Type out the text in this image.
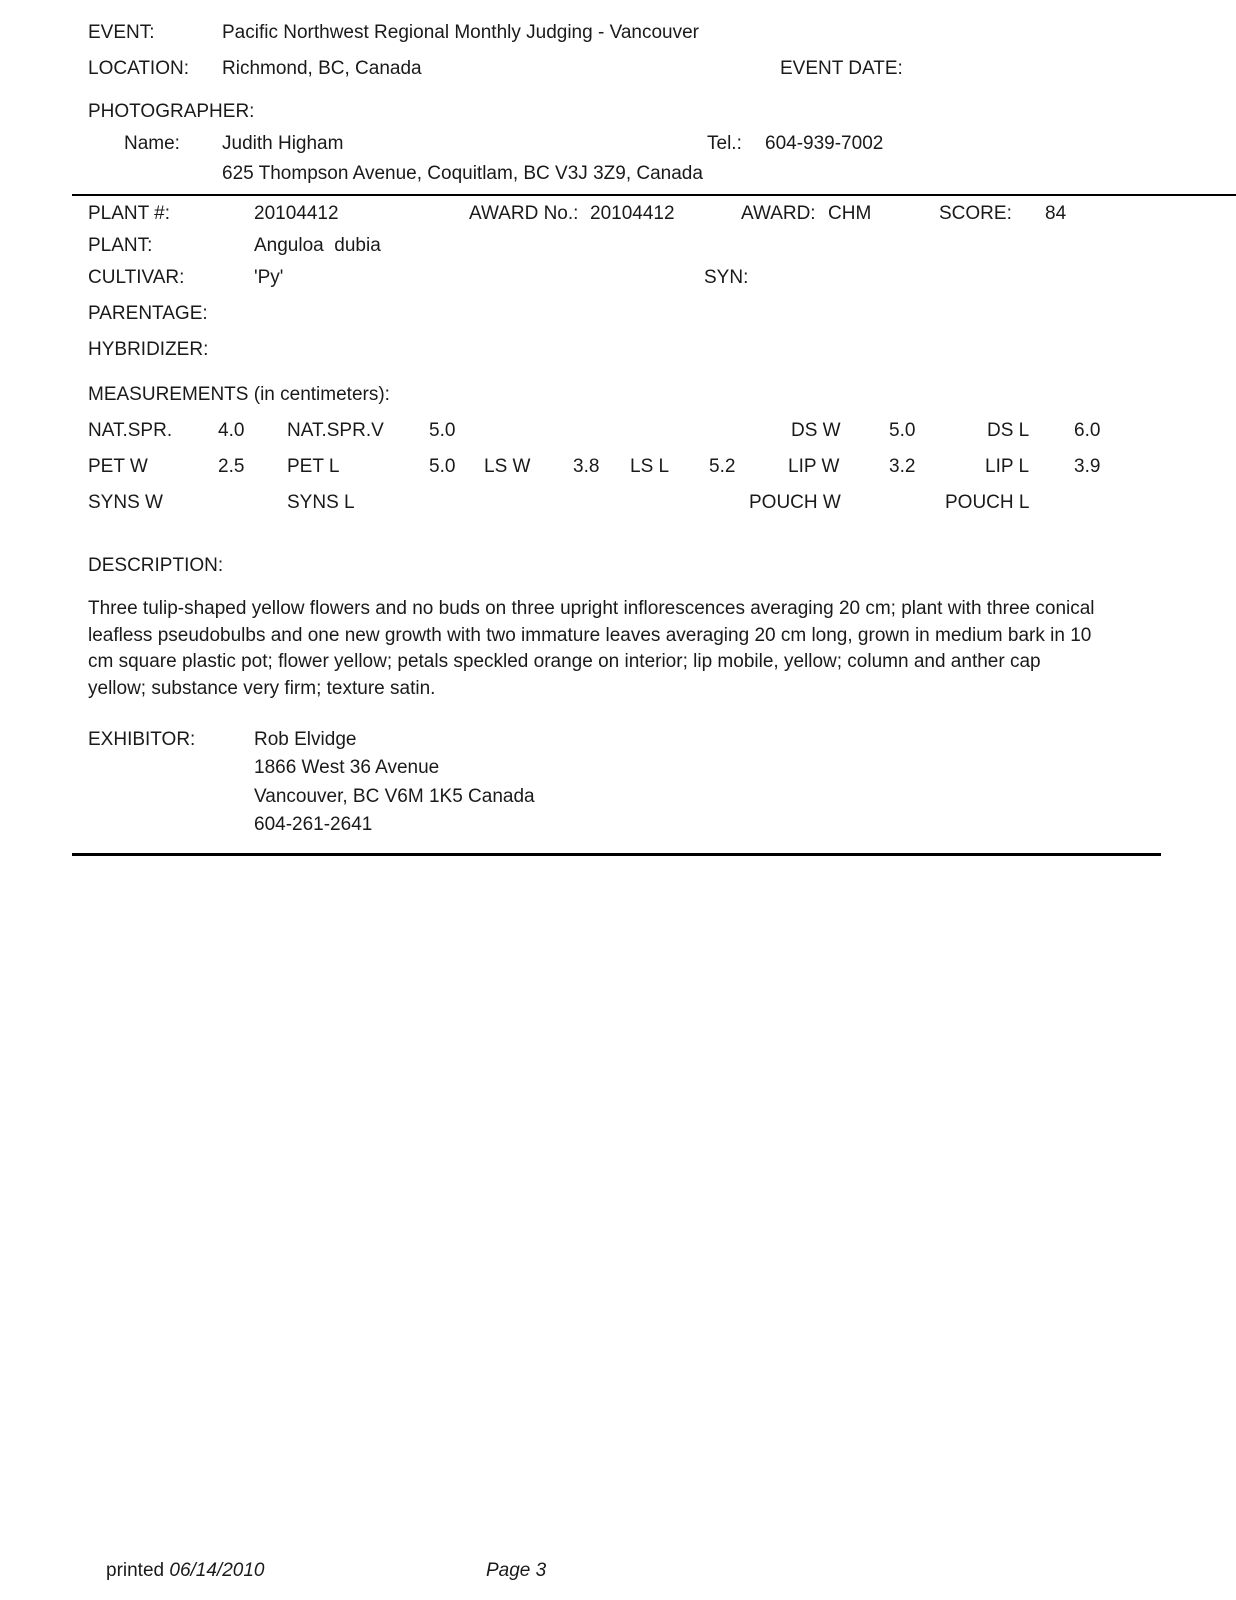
EVENT:	Pacific Northwest Regional Monthly Judging - Vancouver
LOCATION: Richmond, BC, Canada	EVENT DATE:
PHOTOGRAPHER:
Name: Judith Higham	Tel.: 604-939-7002
625 Thompson Avenue, Coquitlam, BC V3J 3Z9, Canada
PLANT #:	20104412	AWARD No.: 20104412	AWARD: CHM	SCORE: 84
PLANT:	Anguloa  dubia
CULTIVAR:	'Py'	SYN:
PARENTAGE:
HYBRIDIZER:
MEASUREMENTS (in centimeters):
NAT.SPR. 4.0 NAT.SPR.V 5.0	DS W	5.0	DS L 6.0
PET W	2.5 PET L	5.0 LS W 3.8 LS L 5.2	LIP W	3.2	LIP L 3.9
SYNS W	SYNS L	POUCH W	POUCH L
DESCRIPTION:
Three tulip-shaped yellow flowers and no buds on three upright inflorescences averaging 20 cm; plant with three conical leafless pseudobulbs and one new growth with two immature leaves averaging 20 cm long, grown in medium bark in 10 cm square plastic pot; flower yellow; petals speckled orange on interior; lip mobile, yellow; column and anther cap yellow; substance very firm; texture satin.
EXHIBITOR:	Rob Elvidge
1866 West 36 Avenue
Vancouver, BC V6M 1K5 Canada
604-261-2641
printed 06/14/2010	Page 3
